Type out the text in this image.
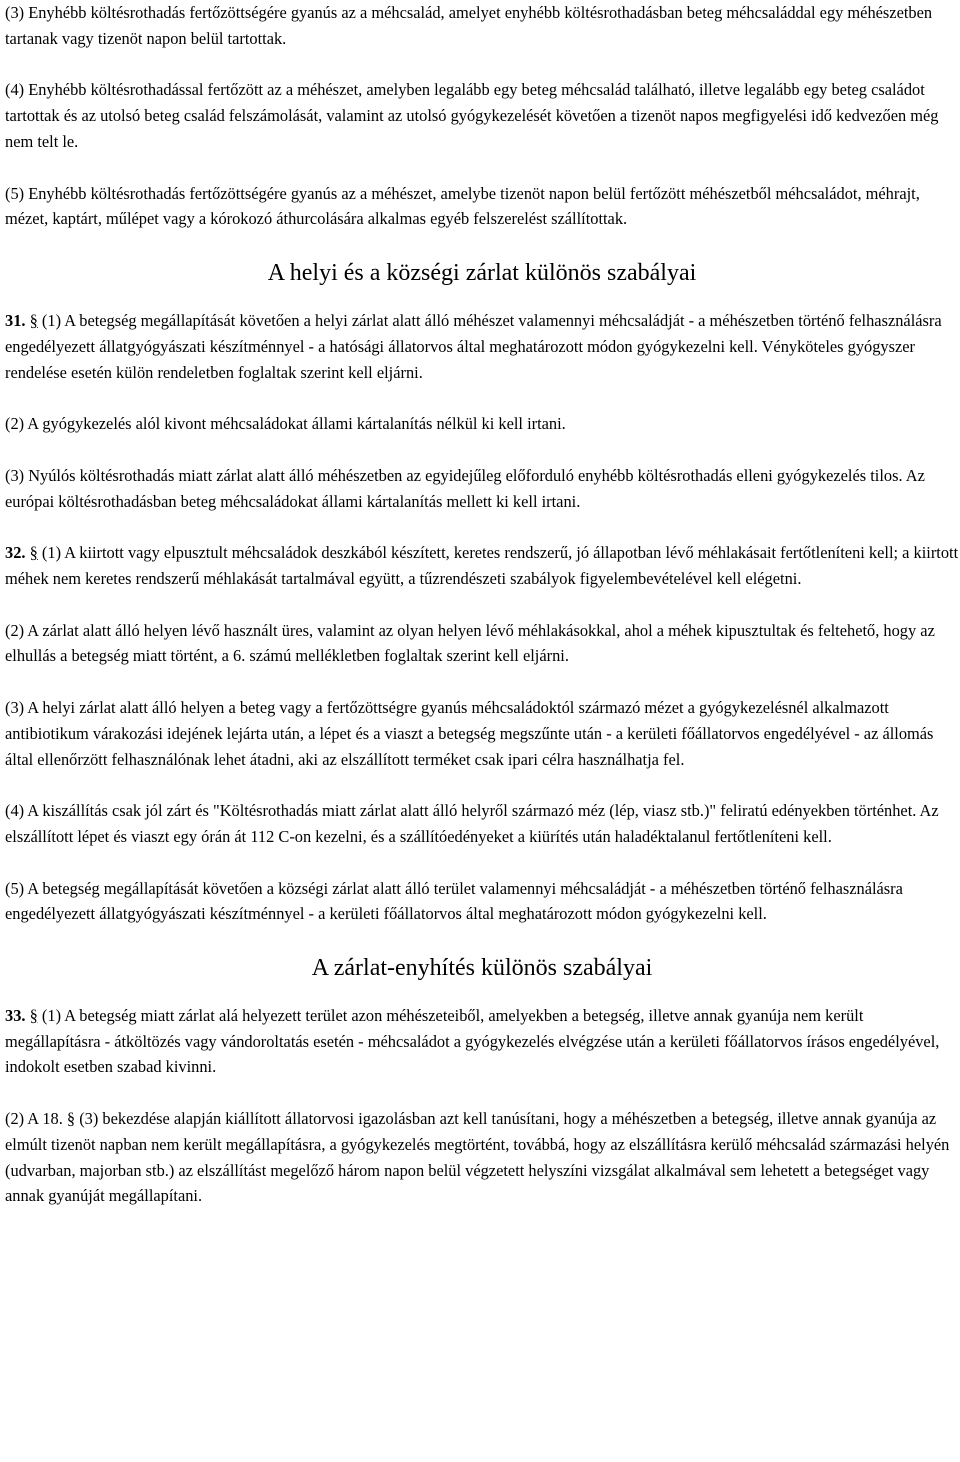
(3) Enyhébb költésrothadás fertőzöttségére gyanús az a méhcsalád, amelyet enyhébb költésrothadásban beteg méhcsaláddal egy méhészetben tartanak vagy tizenöt napon belül tartottak.

(4) Enyhébb költésrothadással fertőzött az a méhészet, amelyben legalább egy beteg méhcsalád található, illetve legalább egy beteg családot tartottak és az utolsó beteg család felszámolását, valamint az utolsó gyógykezelését követően a tizenöt napos megfigyelési idő kedvezően még nem telt le.

(5) Enyhébb költésrothadás fertőzöttségére gyanús az a méhészet, amelybe tizenöt napon belül fertőzött méhészetből méhcsaládot, méhrajt, mézet, kaptárt, műlépet vagy a kórokozó áthurcolására alkalmas egyéb felszerelést szállítottak.

A helyi és a községi zárlat különös szabályai

31. § (1) A betegség megállapítását követően a helyi zárlat alatt álló méhészet valamennyi méhcsaládját - a méhészetben történő felhasználásra engedélyezett állatgyógyászati készítménnyel - a hatósági állatorvos által meghatározott módon gyógykezelni kell. Vényköteles gyógyszer rendelése esetén külön rendeletben foglaltak szerint kell eljárni.

(2) A gyógykezelés alól kivont méhcsaládokat állami kártalanítás nélkül ki kell irtani.

(3) Nyúlós költésrothadás miatt zárlat alatt álló méhészetben az egyidejűleg előforduló enyhébb költésrothadás elleni gyógykezelés tilos. Az európai költésrothadásban beteg méhcsaládokat állami kártalanítás mellett ki kell irtani.

32. § (1) A kiirtott vagy elpusztult méhcsaládok deszkából készített, keretes rendszerű, jó állapotban lévő méhlakásait fertőtleníteni kell; a kiirtott méhek nem keretes rendszerű méhlakását tartalmával együtt, a tűzrendészeti szabályok figyelembevételével kell elégetni.

(2) A zárlat alatt álló helyen lévő használt üres, valamint az olyan helyen lévő méhlakásokkal, ahol a méhek kipusztultak és feltehető, hogy az elhullás a betegség miatt történt, a 6. számú mellékletben foglaltak szerint kell eljárni.

(3) A helyi zárlat alatt álló helyen a beteg vagy a fertőzöttségre gyanús méhcsaládoktól származó mézet a gyógykezelésnél alkalmazott antibiotikum várakozási idejének lejárta után, a lépet és a viaszt a betegség megszűnte után - a kerületi főállatorvos engedélyével - az állomás által ellenőrzött felhasználónak lehet átadni, aki az elszállított terméket csak ipari célra használhatja fel.

(4) A kiszállítás csak jól zárt és "Költésrothadás miatt zárlat alatt álló helyről származó méz (lép, viasz stb.)" feliratú edényekben történhet. Az elszállított lépet és viaszt egy órán át 112 C-on kezelni, és a szállítóedényeket a kiürítés után haladéktalanul fertőtleníteni kell.

(5) A betegség megállapítását követően a községi zárlat alatt álló terület valamennyi méhcsaládját - a méhészetben történő felhasználásra engedélyezett állatgyógyászati készítménnyel - a kerületi főállatorvos által meghatározott módon gyógykezelni kell.

A zárlat-enyhítés különös szabályai

33. § (1) A betegség miatt zárlat alá helyezett terület azon méhészeteiből, amelyekben a betegség, illetve annak gyanúja nem került megállapításra - átköltözés vagy vándoroltatás esetén - méhcsaládot a gyógykezelés elvégzése után a kerületi főállatorvos írásos engedélyével, indokolt esetben szabad kivinni.

(2) A 18. § (3) bekezdése alapján kiállított állatorvosi igazolásban azt kell tanúsítani, hogy a méhészetben a betegség, illetve annak gyanúja az elmúlt tizenöt napban nem került megállapításra, a gyógykezelés megtörtént, továbbá, hogy az elszállításra kerülő méhcsalád származási helyén (udvarban, majorban stb.) az elszállítást megelőző három napon belül végzetett helyszíni vizsgálat alkalmával sem lehetett a betegséget vagy annak gyanúját megállapítani.
